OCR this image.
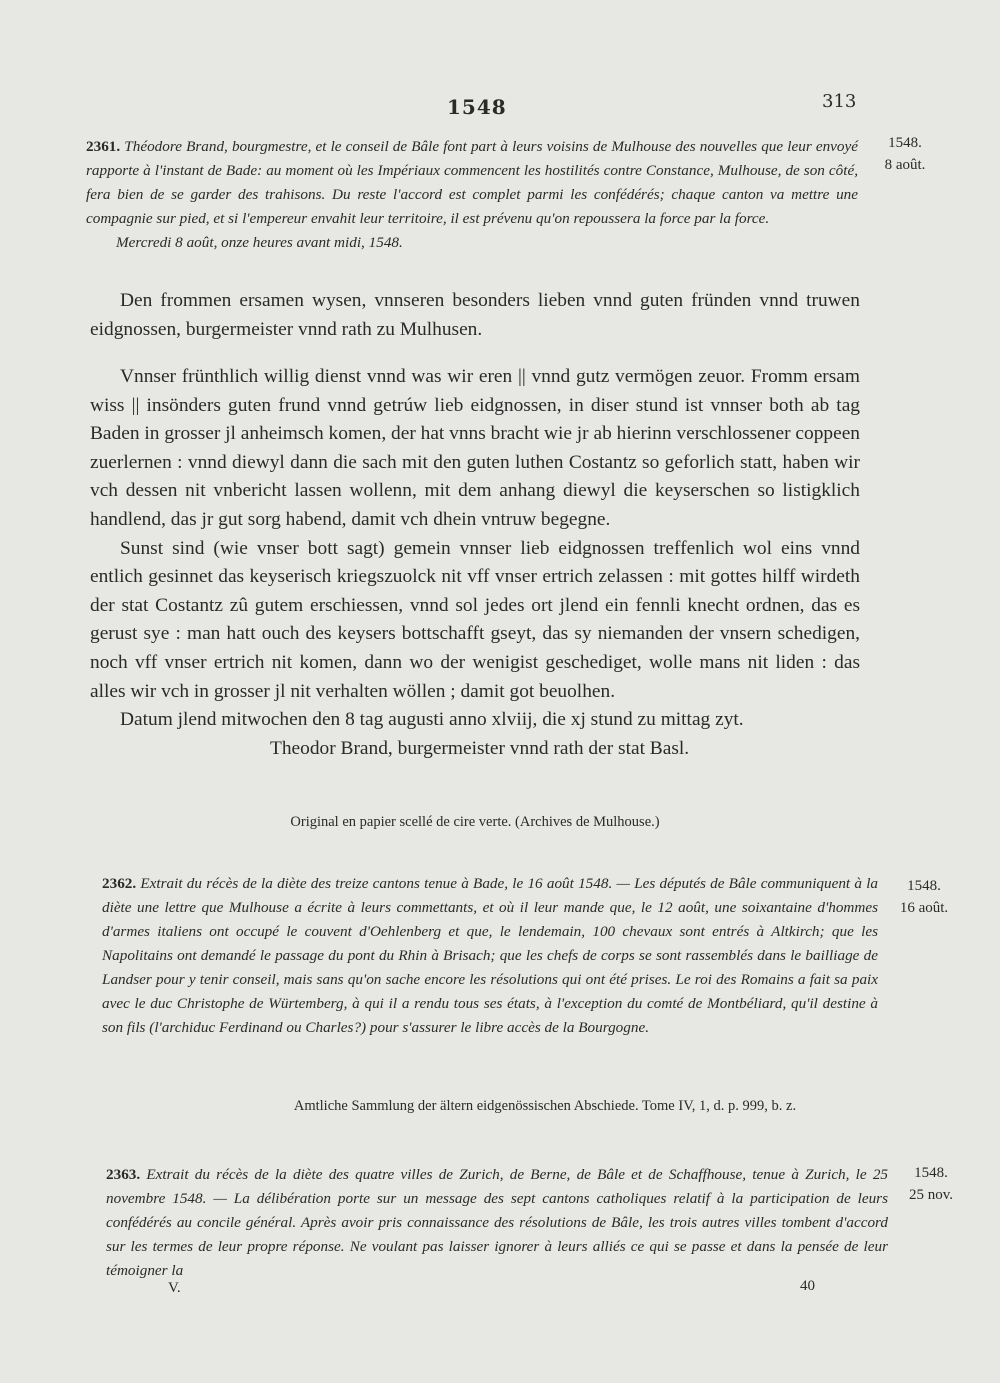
1548	313

2361. Théodore Brand, bourgmestre, et le conseil de Bâle font part à leurs voisins de Mulhouse des nouvelles que leur envoyé rapporte à l'instant de Bade: au moment où les Impériaux commencent les hostilités contre Constance, Mulhouse, de son côté, fera bien de se garder des trahisons. Du reste l'accord est complet parmi les confédérés; chaque canton va mettre une compagnie sur pied, et si l'empereur envahit leur territoire, il est prévenu qu'on repoussera la force par la force.
Mercredi 8 août, onze heures avant midi, 1548.

1548.
8 août.

Den frommen ersamen wysen, vnnseren besonders lieben vnnd guten fründen vnnd truwen eidgnossen, burgermeister vnnd rath zu Mulhusen.

Vnnser frünthlich willig dienst vnnd was wir eren || vnnd gutz vermögen zeuor. Fromm ersam wiss || insönders guten frund vnnd getrúw lieb eidgnossen, in diser stund ist vnnser both ab tag Baden in grosser jl anheimsch komen, der hat vnns bracht wie jr ab hierinn verschlossener coppeen zuerlernen : vnnd diewyl dann die sach mit den guten luthen Costantz so geforlich statt, haben wir vch dessen nit vnbericht lassen wollenn, mit dem anhang diewyl die keyserschen so listigklich handlend, das jr gut sorg habend, damit vch dhein vntruw begegne.

Sunst sind (wie vnser bott sagt) gemein vnnser lieb eidgnossen treffenlich wol eins vnnd entlich gesinnet das keyserisch kriegszuolck nit vff vnser ertrich zelassen : mit gottes hilff wirdeth der stat Costantz zû gutem erschiessen, vnnd sol jedes ort jlend ein fennli knecht ordnen, das es gerust sye : man hatt ouch des keysers bottschafft gseyt, das sy niemanden der vnsern schedigen, noch vff vnser ertrich nit komen, dann wo der wenigist geschediget, wolle mans nit liden : das alles wir vch in grosser jl nit verhalten wöllen ; damit got beuolhen.

Datum jlend mitwochen den 8 tag augusti anno xlviij, die xj stund zu mittag zyt.

Theodor Brand, burgermeister vnnd rath der stat Basl.

Original en papier scellé de cire verte. (Archives de Mulhouse.)

2362. Extrait du récès de la diète des treize cantons tenue à Bade, le 16 août 1548. — Les députés de Bâle communiquent à la diète une lettre que Mulhouse a écrite à leurs commettants, et où il leur mande que, le 12 août, une soixantaine d'hommes d'armes italiens ont occupé le couvent d'Oehlenberg et que, le lendemain, 100 chevaux sont entrés à Altkirch; que les Napolitains ont demandé le passage du pont du Rhin à Brisach; que les chefs de corps se sont rassemblés dans le bailliage de Landser pour y tenir conseil, mais sans qu'on sache encore les résolutions qui ont été prises. Le roi des Romains a fait sa paix avec le duc Christophe de Würtemberg, à qui il a rendu tous ses états, à l'exception du comté de Montbéliard, qu'il destine à son fils (l'archiduc Ferdinand ou Charles?) pour s'assurer le libre accès de la Bourgogne.

1548.
16 août.
Amtliche Sammlung der ältern eidgenössischen Abschiede. Tome IV, 1, d. p. 999, b. z.

2363. Extrait du récès de la diète des quatre villes de Zurich, de Berne, de Bâle et de Schaffhouse, tenue à Zurich, le 25 novembre 1548. — La délibération porte sur un message des sept cantons catholiques relatif à la participation de leurs confédérés au concile général. Après avoir pris connaissance des résolutions de Bâle, les trois autres villes tombent d'accord sur les termes de leur propre réponse. Ne voulant pas laisser ignorer à leurs alliés ce qui se passe et dans la pensée de leur témoigner la

1548.
25 nov.
V.	40
